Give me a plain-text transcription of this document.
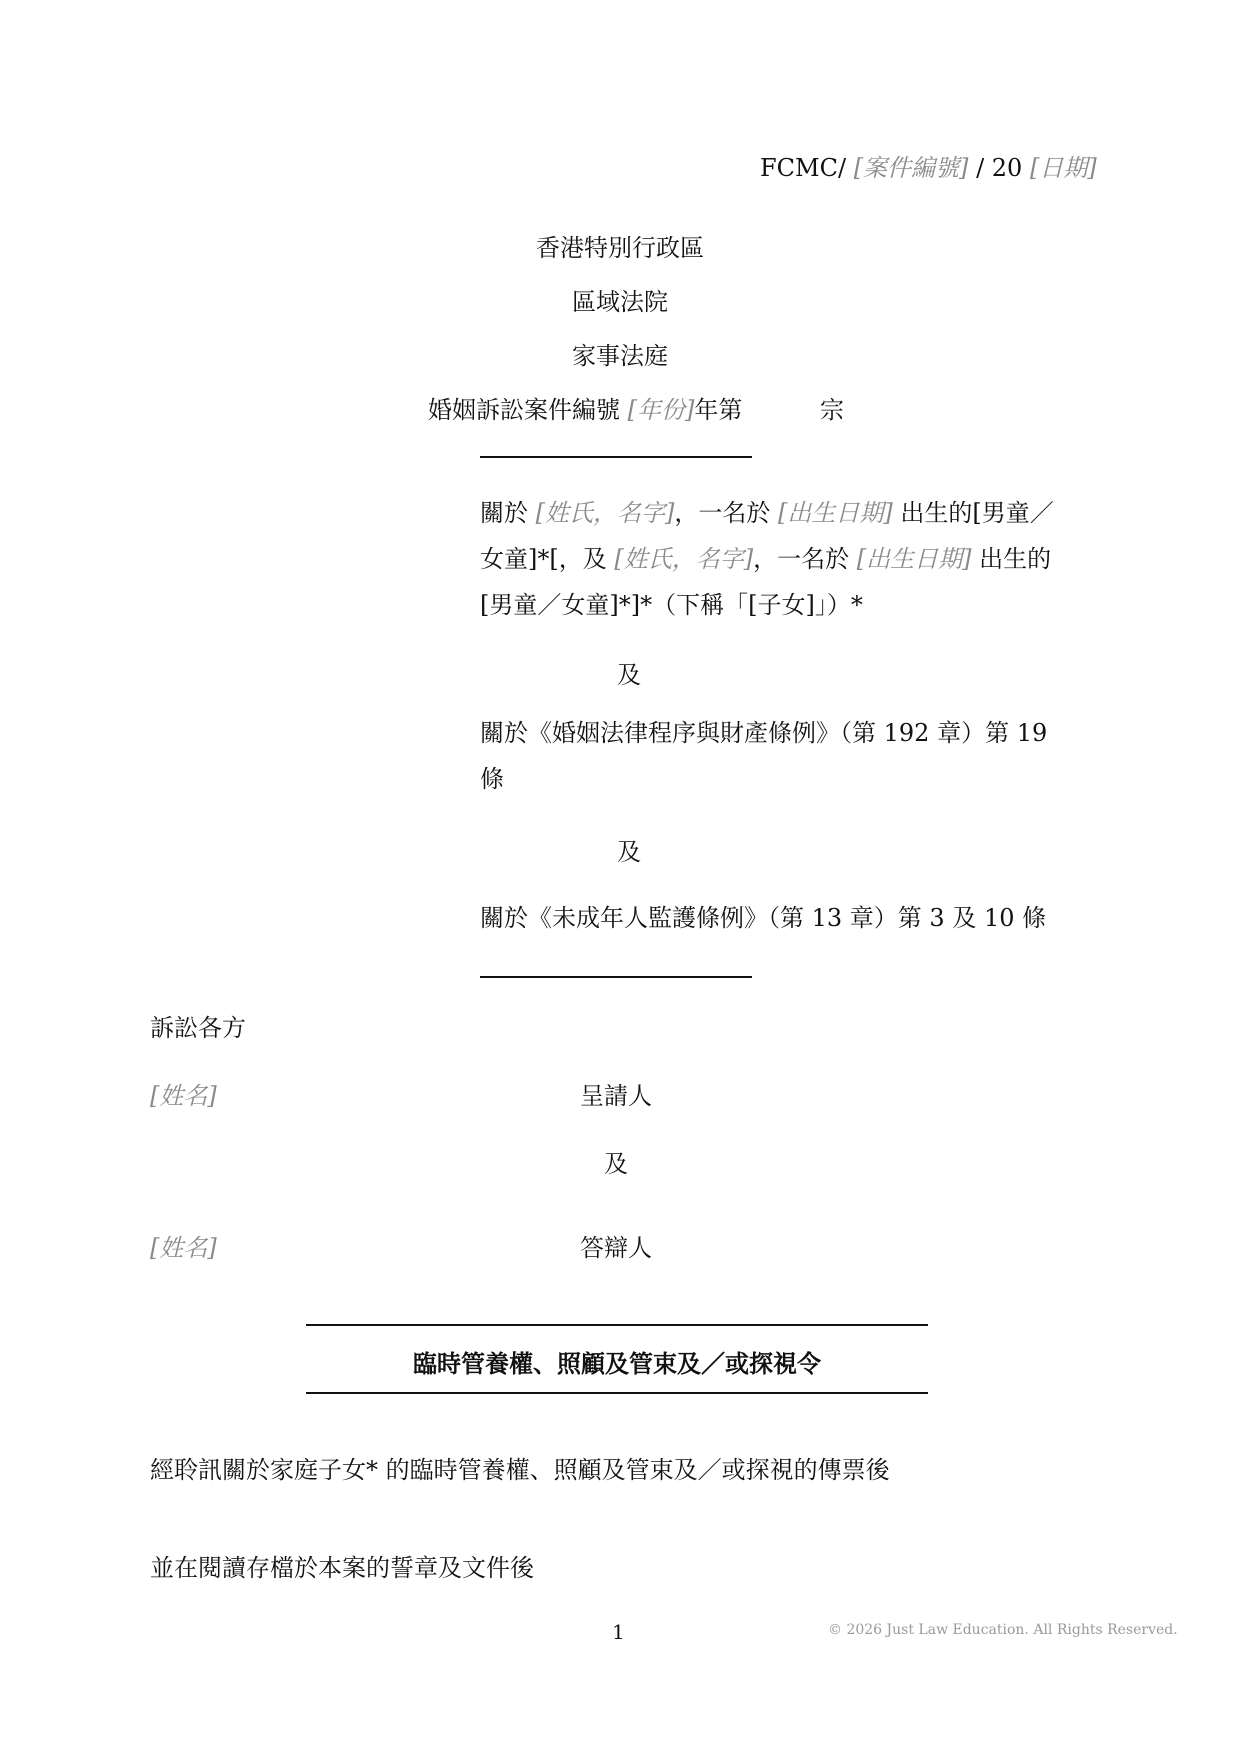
FCMC/ [案件編號] / 20 [日期]
香港特別行政區
區域法院
家事法庭
婚姻訴訟案件編號 [年份]年第	宗
關於 [姓氏，名字]，一名於 [出生日期] 出生的[男童／
女童]*[，及 [姓氏，名字]，一名於 [出生日期] 出生的
[男童／女童]*]*（下稱「[子女]」）*
及
關於《婚姻法律程序與財產條例》（第 192 章）第 19
條
及
關於《未成年人監護條例》（第 13 章）第 3 及 10 條
訴訟各方
[姓名]	呈請人
及
[姓名]	答辯人
臨時管養權、照顧及管束及／或探視令
經聆訊關於家庭子女* 的臨時管養權、照顧及管束及／或探視的傳票後
並在閱讀存檔於本案的誓章及文件後
1	© 2026 Just Law Education. All Rights Reserved.
